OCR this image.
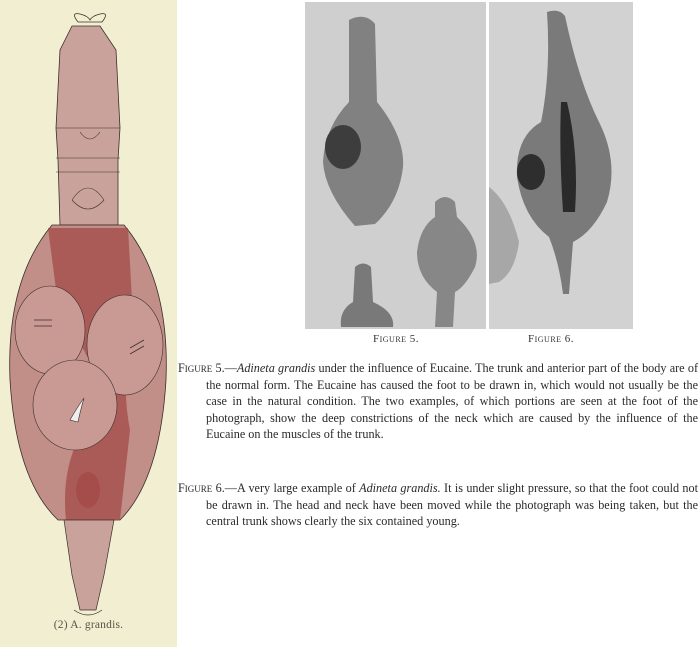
(2) A. grandis.
Figure 5.	Figure 6.

Figure 5.—Adineta grandis under the influence of Eucaine. The trunk and anterior part of the body are of the normal form. The Eucaine has caused the foot to be drawn in, which would not usually be the case in the natural condition. The two examples, of which portions are seen at the foot of the photograph, show the deep constrictions of the neck which are caused by the influence of the Eucaine on the muscles of the trunk.

Figure 6.—A very large example of Adineta grandis. It is under slight pressure, so that the foot could not be drawn in. The head and neck have been moved while the photograph was being taken, but the central trunk shows clearly the six contained young.
